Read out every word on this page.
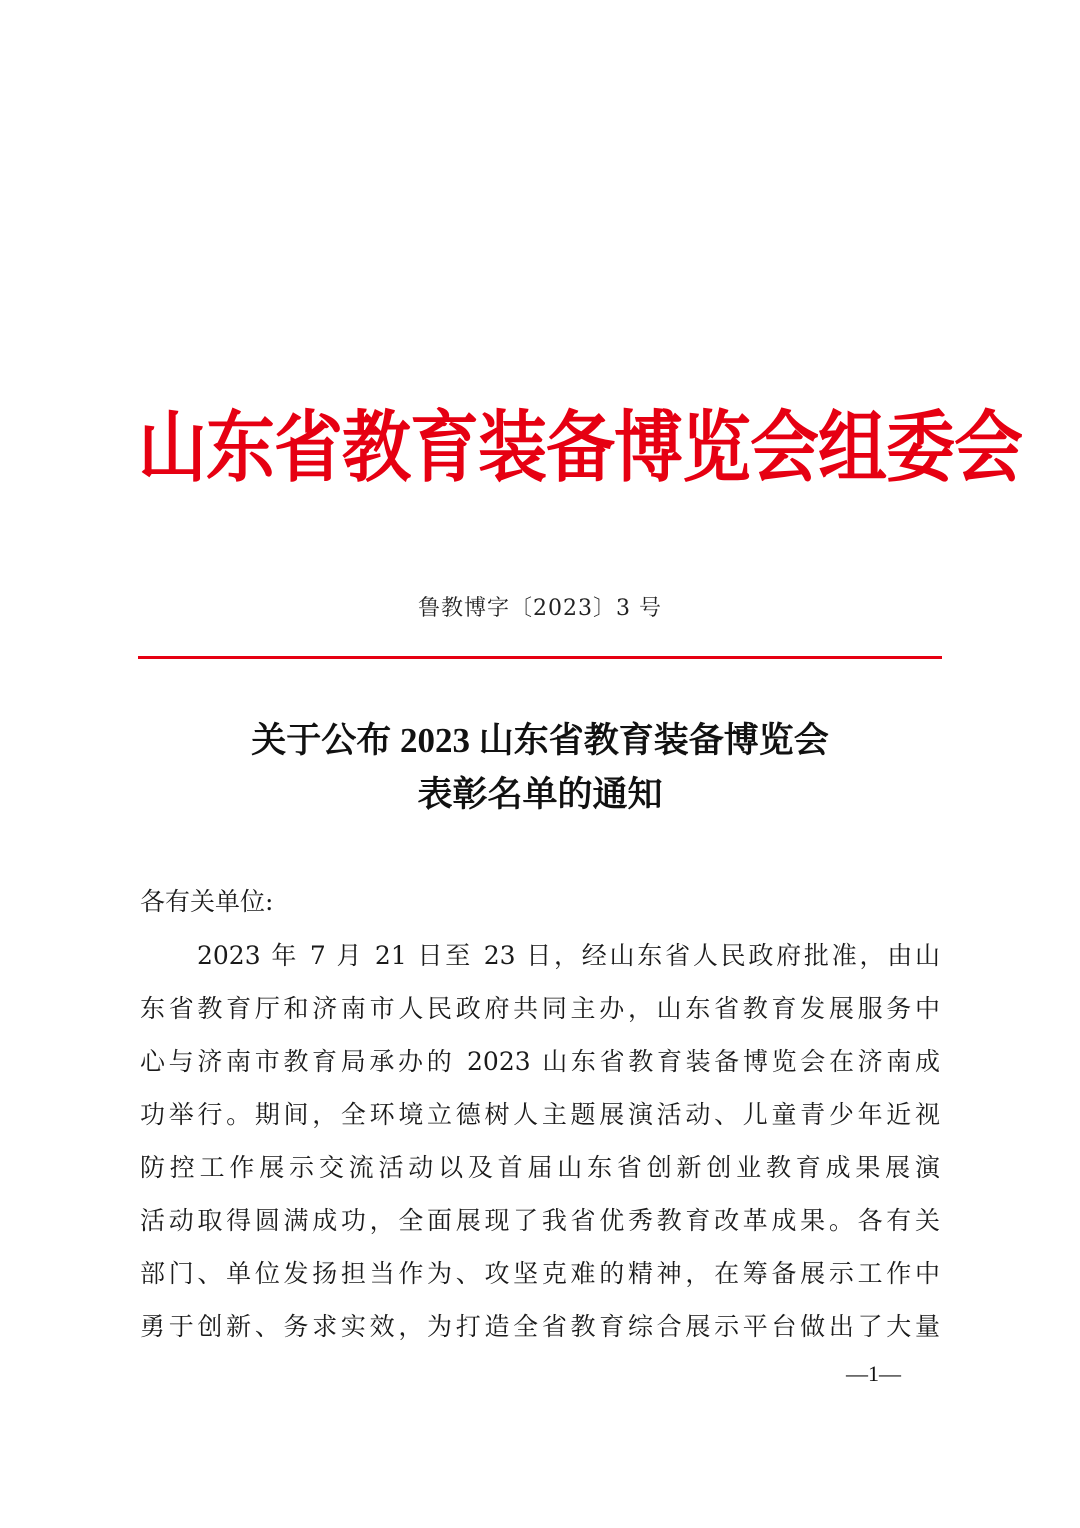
山东省教育装备博览会组委会
鲁教博字〔2023〕3 号
关于公布 2023 山东省教育装备博览会
表彰名单的通知
各有关单位:
2023 年 7 月 21 日至 23 日，经山东省人民政府批准，由山
东省教育厅和济南市人民政府共同主办，山东省教育发展服务中
心与济南市教育局承办的 2023 山东省教育装备博览会在济南成
功举行。期间，全环境立德树人主题展演活动、儿童青少年近视
防控工作展示交流活动以及首届山东省创新创业教育成果展演
活动取得圆满成功，全面展现了我省优秀教育改革成果。各有关
部门、单位发扬担当作为、攻坚克难的精神，在筹备展示工作中
勇于创新、务求实效，为打造全省教育综合展示平台做出了大量
—1—
